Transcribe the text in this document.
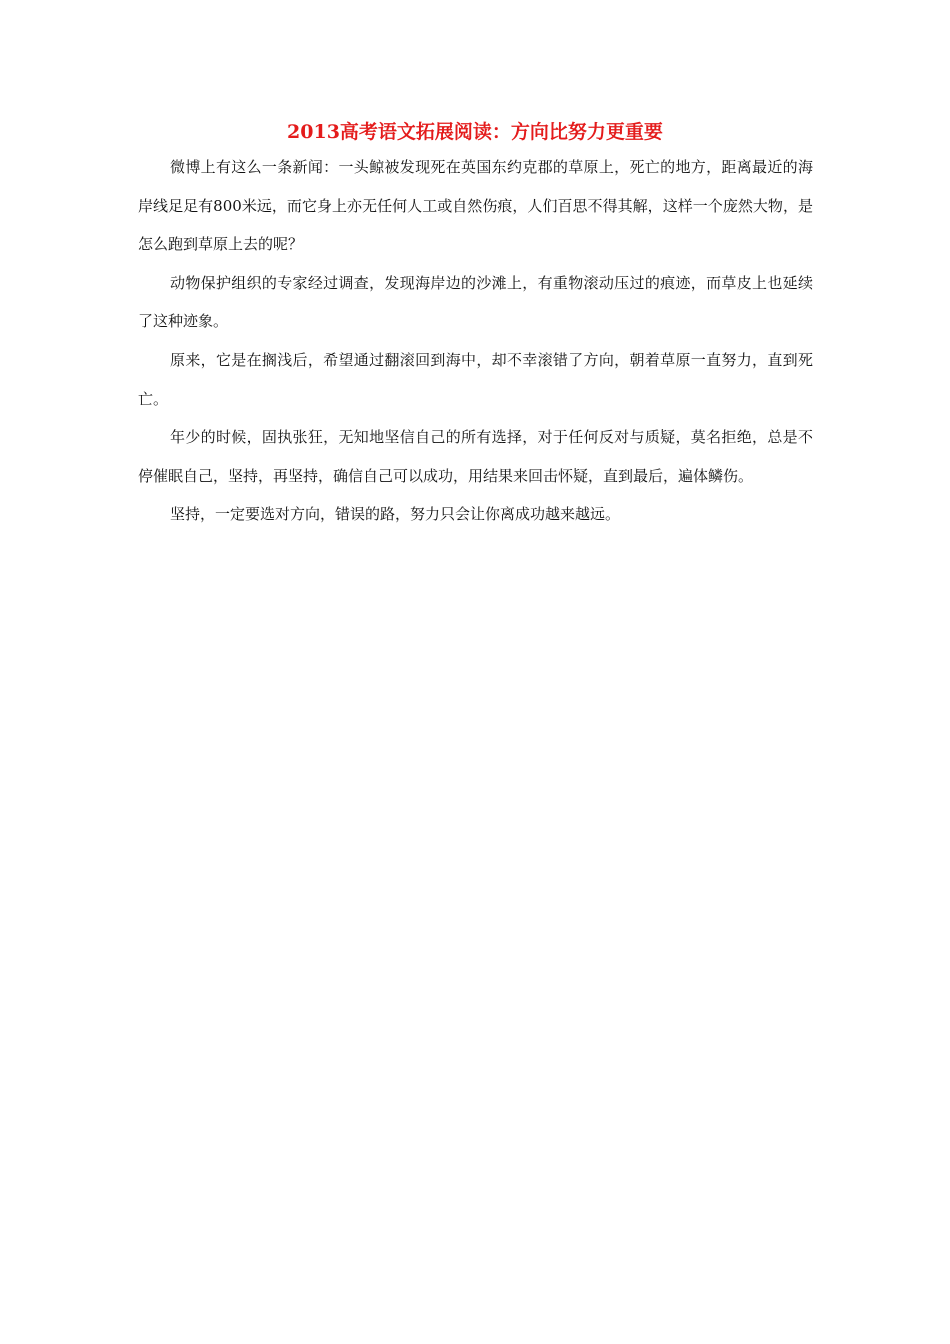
2013高考语文拓展阅读：方向比努力更重要

微博上有这么一条新闻：一头鲸被发现死在英国东约克郡的草原上，死亡的地方，距离最近的海岸线足足有800米远，而它身上亦无任何人工或自然伤痕，人们百思不得其解，这样一个庞然大物，是怎么跑到草原上去的呢？

动物保护组织的专家经过调查，发现海岸边的沙滩上，有重物滚动压过的痕迹，而草皮上也延续了这种迹象。

原来，它是在搁浅后，希望通过翻滚回到海中，却不幸滚错了方向，朝着草原一直努力，直到死亡。

年少的时候，固执张狂，无知地坚信自己的所有选择，对于任何反对与质疑，莫名拒绝，总是不停催眠自己，坚持，再坚持，确信自己可以成功，用结果来回击怀疑，直到最后，遍体鳞伤。

坚持，一定要选对方向，错误的路，努力只会让你离成功越来越远。
